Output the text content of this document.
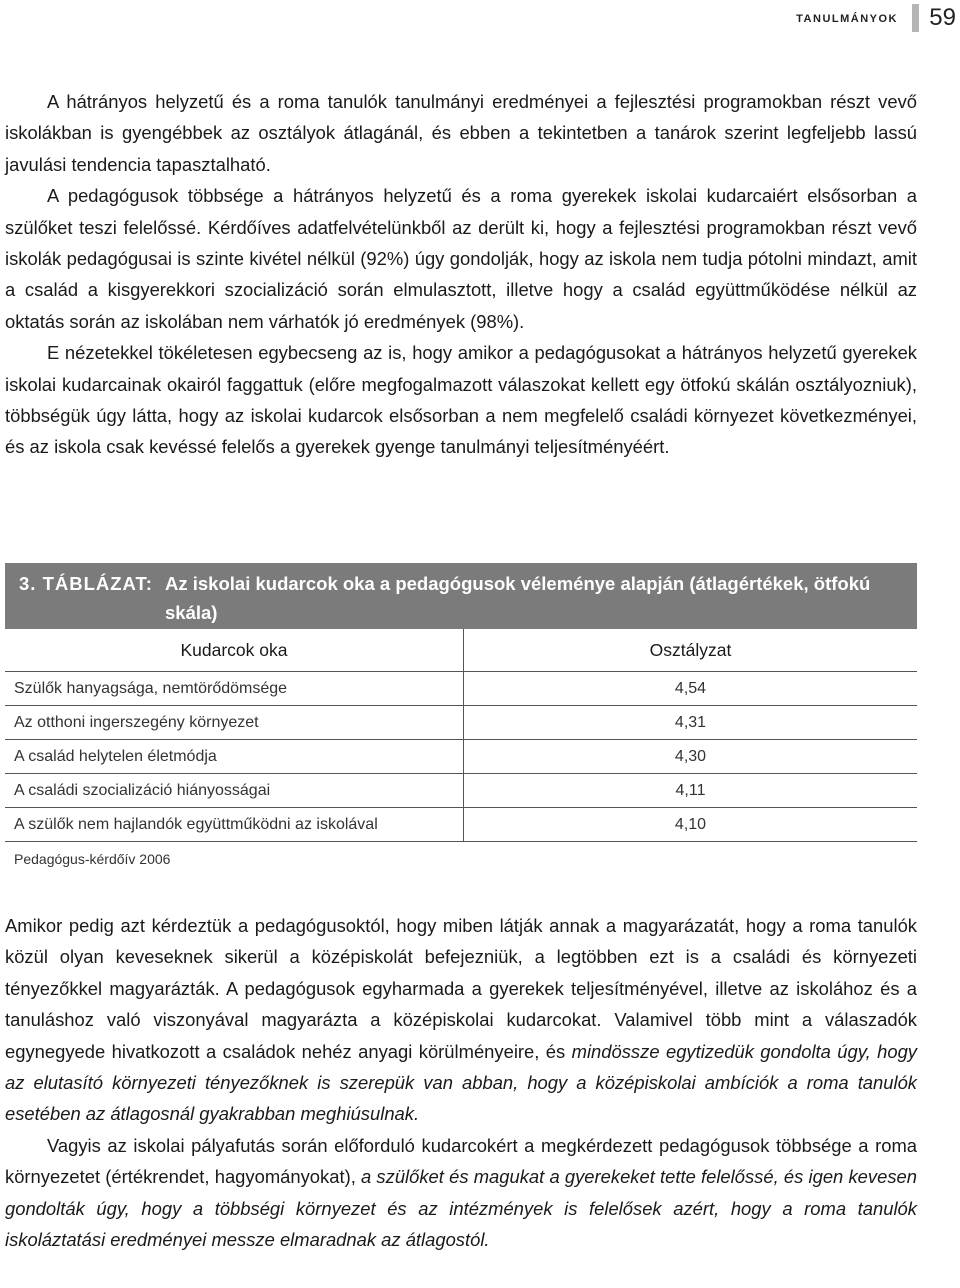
tanulmányok 59

A hátrányos helyzetű és a roma tanulók tanulmányi eredményei a fejlesztési programokban részt vevő iskolákban is gyengébbek az osztályok átlagánál, és ebben a tekintetben a tanárok szerint legfeljebb lassú javulási tendencia tapasztalható.

A pedagógusok többsége a hátrányos helyzetű és a roma gyerekek iskolai kudarcaiért elsősorban a szülőket teszi felelőssé. Kérdőíves adatfelvételünkből az derült ki, hogy a fejlesztési programokban részt vevő iskolák pedagógusai is szinte kivétel nélkül (92%) úgy gondolják, hogy az iskola nem tudja pótolni mindazt, amit a család a kisgyerekkori szocializáció során elmulasztott, illetve hogy a család együttműködése nélkül az oktatás során az iskolában nem várhatók jó eredmények (98%).

E nézetekkel tökéletesen egybecseng az is, hogy amikor a pedagógusokat a hátrányos helyzetű gyerekek iskolai kudarcainak okairól faggattuk (előre megfogalmazott válaszokat kellett egy ötfokú skálán osztályozniuk), többségük úgy látta, hogy az iskolai kudarcok elsősorban a nem megfelelő családi környezet következményei, és az iskola csak kevéssé felelős a gyerekek gyenge tanulmányi teljesítményéért.

3. TÁBLÁZAT: Az iskolai kudarcok oka a pedagógusok véleménye alapján (átlagértékek, ötfokú skála)
Kudarcok oka	Osztályzat
Szülők hanyagsága, nemtörődömsége	4,54
Az otthoni ingerszegény környezet	4,31
A család helytelen életmódja	4,30
A családi szocializáció hiányosságai	4,11
A szülők nem hajlandók együttműködni az iskolával	4,10
Pedagógus-kérdőív 2006

Amikor pedig azt kérdeztük a pedagógusoktól, hogy miben látják annak a magyarázatát, hogy a roma tanulók közül olyan keveseknek sikerül a középiskolát befejezniük, a legtöbben ezt is a családi és környezeti tényezőkkel magyarázták. A pedagógusok egyharmada a gyerekek teljesítményével, illetve az iskolához és a tanuláshoz való viszonyával magyarázta a középiskolai kudarcokat. Valamivel több mint a válaszadók egynegyede hivatkozott a családok nehéz anyagi körülményeire, és mindössze egytizedük gondolta úgy, hogy az elutasító környezeti tényezőknek is szerepük van abban, hogy a középiskolai ambíciók a roma tanulók esetében az átlagosnál gyakrabban meghiúsulnak.

Vagyis az iskolai pályafutás során előforduló kudarcokért a megkérdezett pedagógusok többsége a roma környezetet (értékrendet, hagyományokat), a szülőket és magukat a gyerekeket tette felelőssé, és igen kevesen gondolták úgy, hogy a többségi környezet és az intézmények is felelősek azért, hogy a roma tanulók iskoláztatási eredményei messze elmaradnak az átlagostól.
